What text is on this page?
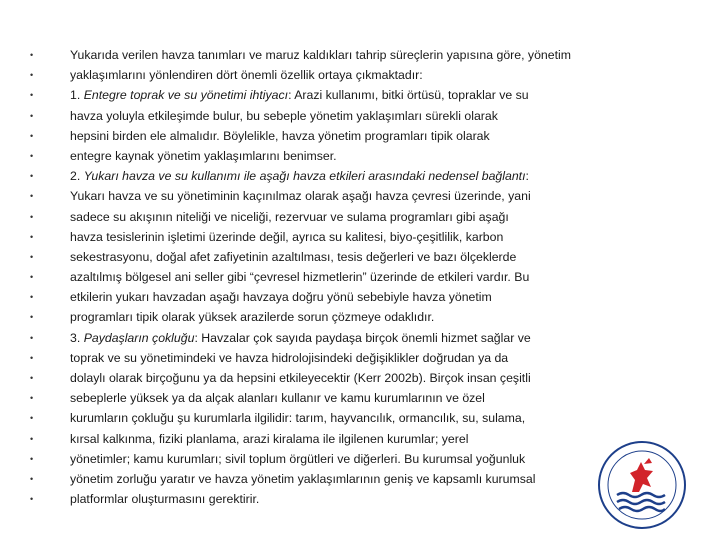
•	Yukarıda verilen havza tanımları ve maruz kaldıkları tahrip süreçlerin yapısına göre, yönetim
•	yaklaşımlarını yönlendiren dört önemli özellik ortaya çıkmaktadır:
•	1. Entegre toprak ve su yönetimi ihtiyacı: Arazi kullanımı, bitki örtüsü, topraklar ve su
•	havza yoluyla etkileşimde bulur, bu sebeple yönetim yaklaşımları sürekli olarak
•	hepsini birden ele almalıdır. Böylelikle, havza yönetim programları tipik olarak
•	entegre kaynak yönetim yaklaşımlarını benimser.
•	2. Yukarı havza ve su kullanımı ile aşağı havza etkileri arasındaki nedensel bağlantı:
•	Yukarı havza ve su yönetiminin kaçınılmaz olarak aşağı havza çevresi üzerinde, yani
•	sadece su akışının niteliği ve niceliği, rezervuar ve sulama programları gibi aşağı
•	havza tesislerinin işletimi üzerinde değil, ayrıca su kalitesi, biyo-çeşitlilik, karbon
•	sekestrasyonu, doğal afet zafiyetinin azaltılması, tesis değerleri ve bazı ölçeklerde
•	azaltılmış bölgesel ani seller gibi “çevresel hizmetlerin” üzerinde de etkileri vardır. Bu
•	etkilerin yukarı havzadan aşağı havzaya doğru yönü sebebiyle havza yönetim
•	programları tipik olarak yüksek arazilerde sorun çözmeye odaklıdır.
•	3. Paydaşların çokluğu: Havzalar çok sayıda paydaşa birçok önemli hizmet sağlar ve
•	toprak ve su yönetimindeki ve havza hidrolojisindeki değişiklikler doğrudan ya da
•	dolaylı olarak birçoğunu ya da hepsini etkileyecektir (Kerr 2002b). Birçok insan çeşitli
•	sebeplerle yüksek ya da alçak alanları kullanır ve kamu kurumlarının ve özel
•	kurumların çokluğu şu kurumlarla ilgilidir: tarım, hayvancılık, ormancılık, su, sulama,
•	kırsal kalkınma, fiziki planlama, arazi kiralama ile ilgilenen kurumlar; yerel
•	yönetimler; kamu kurumları; sivil toplum örgütleri ve diğerleri. Bu kurumsal yoğunluk
•	yönetim zorluğu yaratır ve havza yönetim yaklaşımlarının geniş ve kapsamlı kurumsal
•	platformlar oluşturmasını gerektirir.
